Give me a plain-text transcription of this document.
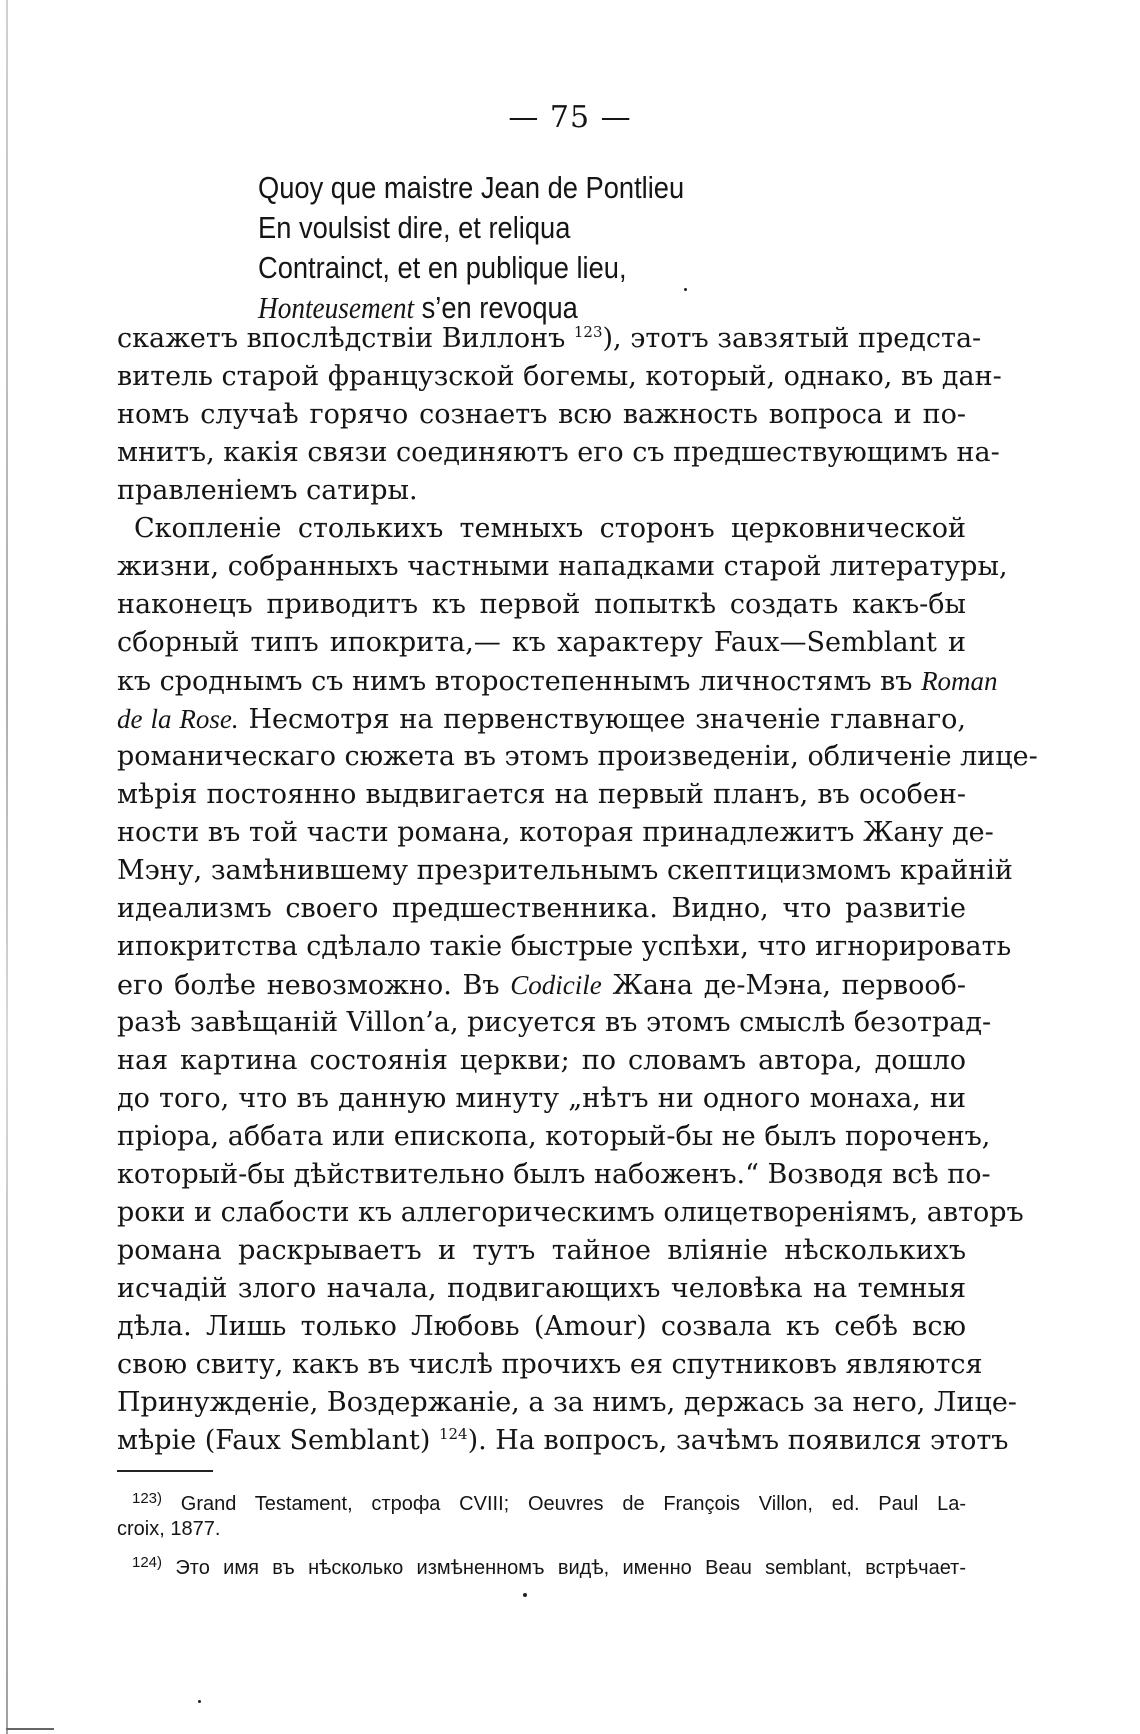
— 75 —
Quoy que maistre Jean de Pontlieu
En voulsist dire, et reliqua
Contrainct, et en publique lieu,
Honteusement s’en revoqua
скажетъ впослѣдствіи Виллонъ $^{123}$), этотъ завзятый предста-
витель старой французской богемы, который, однако, въ дан-
номъ случаѣ горячо сознаетъ всю важность вопроса и по-
мнитъ, какія связи соединяютъ его съ предшествующимъ на-
правленіемъ сатиры.
Скопленіе столькихъ темныхъ сторонъ церковнической
жизни, собранныхъ частными нападками старой литературы,
наконецъ приводитъ къ первой попыткѣ создать какъ-бы
сборный типъ ипокрита,— къ характеру Faux—Semblant и
къ сроднымъ съ нимъ второстепеннымъ личностямъ въ Roman
de la Rose. Несмотря на первенствующее значеніе главнаго,
романическаго сюжета въ этомъ произведеніи, обличеніе лице-
мѣрія постоянно выдвигается на первый планъ, въ особен-
ности въ той части романа, которая принадлежитъ Жану де-
Мэну, замѣнившему презрительнымъ скептицизмомъ крайній
идеализмъ своего предшественника. Видно, что развитіе
ипокритства сдѣлало такіе быстрые успѣхи, что игнорировать
его болѣе невозможно. Въ Codicile Жана де-Мэна, первооб-
разѣ завѣщаній Villon’а, рисуется въ этомъ смыслѣ безотрад-
ная картина состоянія церкви; по словамъ автора, дошло
до того, что въ данную минуту „нѣтъ ни одного монаха, ни
пріора, аббата или епископа, который-бы не былъ пороченъ,
который-бы дѣйствительно былъ набоженъ.“ Возводя всѣ по-
роки и слабости къ аллегорическимъ олицетвореніямъ, авторъ
романа раскрываетъ и тутъ тайное вліяніе нѣсколькихъ
исчадій злого начала, подвигающихъ человѣка на темныя
дѣла. Лишь только Любовь (Amour) созвала къ себѣ всю
свою свиту, какъ въ числѣ прочихъ ея спутниковъ являются
Принужденіе, Воздержаніе, а за нимъ, держась за него, Лице-
мѣріе (Faux Semblant) $^{124}$). На вопросъ, зачѣмъ появился этотъ
$^{123)}$ Grand Testament, строфа CVIII; Oeuvres de François Villon, ed. Paul La-
croix, 1877.
$^{124)}$ Это имя въ нѣсколько измѣненномъ видѣ, именно Beau semblant, встрѣчает-
